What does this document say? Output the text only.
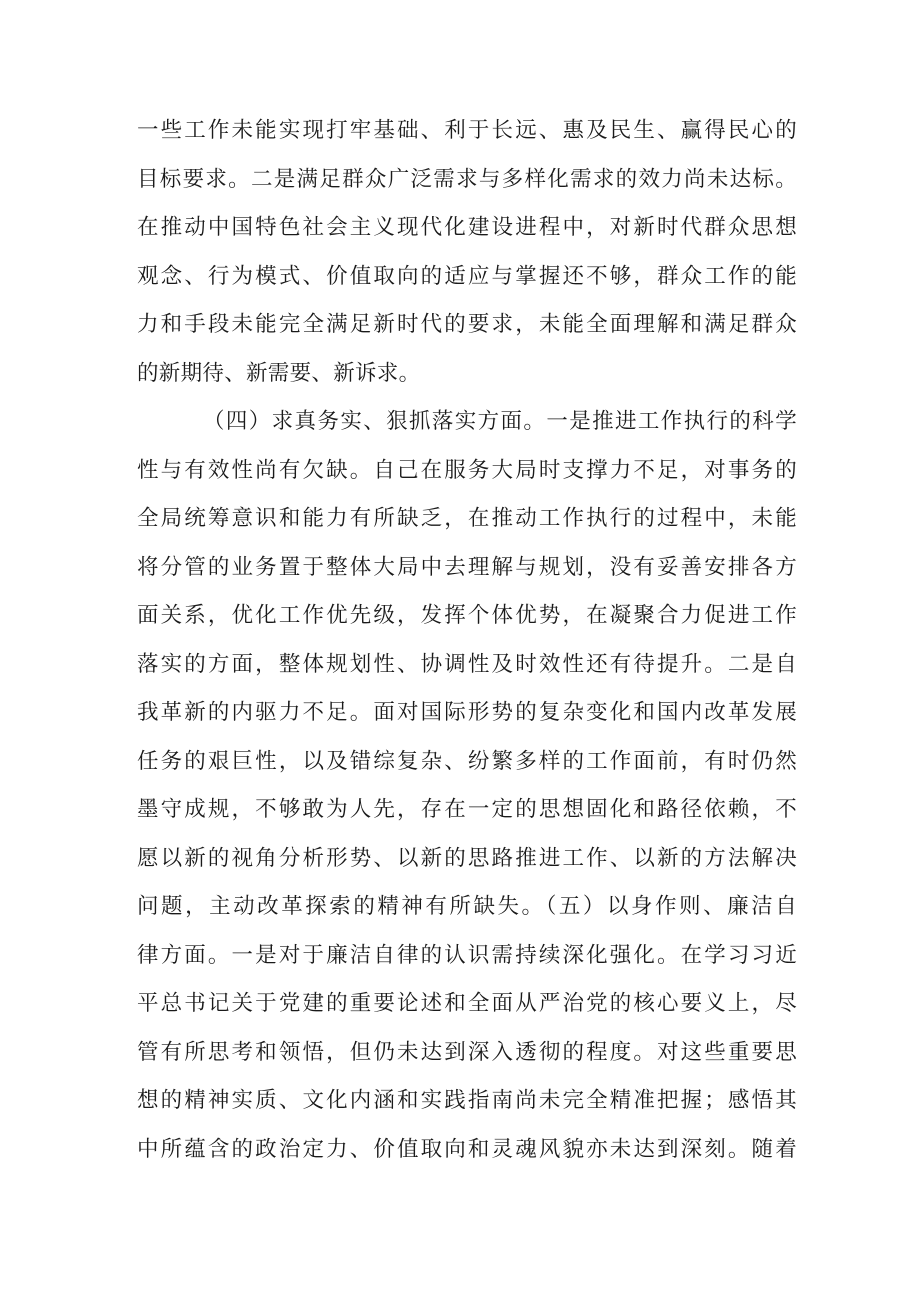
一些工作未能实现打牢基础、利于长远、惠及民生、赢得民心的
目标要求。二是满足群众广泛需求与多样化需求的效力尚未达标。
在推动中国特色社会主义现代化建设进程中，对新时代群众思想
观念、行为模式、价值取向的适应与掌握还不够，群众工作的能
力和手段未能完全满足新时代的要求，未能全面理解和满足群众
的新期待、新需要、新诉求。
（四）求真务实、狠抓落实方面。一是推进工作执行的科学
性与有效性尚有欠缺。自己在服务大局时支撑力不足，对事务的
全局统筹意识和能力有所缺乏，在推动工作执行的过程中，未能
将分管的业务置于整体大局中去理解与规划，没有妥善安排各方
面关系，优化工作优先级，发挥个体优势，在凝聚合力促进工作
落实的方面，整体规划性、协调性及时效性还有待提升。二是自
我革新的内驱力不足。面对国际形势的复杂变化和国内改革发展
任务的艰巨性，以及错综复杂、纷繁多样的工作面前，有时仍然
墨守成规，不够敢为人先，存在一定的思想固化和路径依赖，不
愿以新的视角分析形势、以新的思路推进工作、以新的方法解决
问题，主动改革探索的精神有所缺失。（五）以身作则、廉洁自
律方面。一是对于廉洁自律的认识需持续深化强化。在学习习近
平总书记关于党建的重要论述和全面从严治党的核心要义上，尽
管有所思考和领悟，但仍未达到深入透彻的程度。对这些重要思
想的精神实质、文化内涵和实践指南尚未完全精准把握；感悟其
中所蕴含的政治定力、价值取向和灵魂风貌亦未达到深刻。随着
